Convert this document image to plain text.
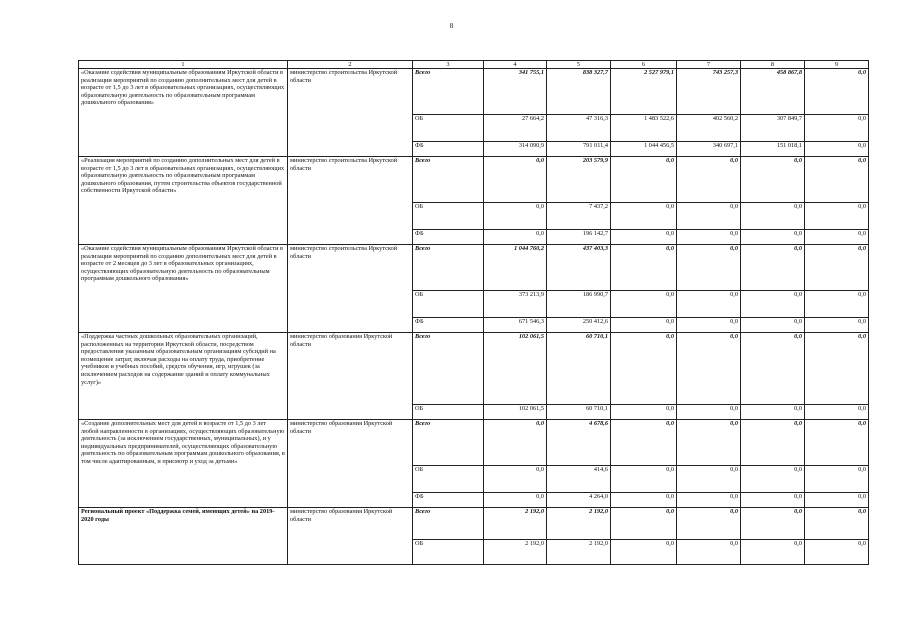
8
1	2	3	4	5	6	7	8	9
«Оказание содействия муниципальным образованиям Иркутской области в реализации мероприятий по созданию дополнительных мест для детей в возрасте от 1,5 до 3 лет в образовательных организациях, осуществляющих образовательную деятельность по образовательным программам дошкольного образования»	министерство строительства Иркутской области	Всего	341 755,1	838 327,7	2 527 979,1	743 257,3	458 867,8	0,0
		ОБ	27 664,2	47 316,3	1 483 522,6	402 560,2	307 849,7	0,0
		ФБ	314 090,9	791 011,4	1 044 456,5	340 697,1	151 018,1	0,0
«Реализация мероприятий по созданию дополнительных мест для детей в возрасте от 1,5 до 3 лет в образовательных организациях, осуществляющих образовательную деятельность по образовательным программам дошкольного образования, путем строительства объектов государственной собственности Иркутской области»	министерство строительства Иркутской области	Всего	0,0	203 579,9	0,0	0,0	0,0	0,0
		ОБ	0,0	7 437,2	0,0	0,0	0,0	0,0
		ФБ	0,0	196 142,7	0,0	0,0	0,0	0,0
«Оказание содействия муниципальным образованиям Иркутской области в реализации мероприятий по созданию дополнительных мест для детей в возрасте от 2 месяцев до 3 лет в образовательных организациях, осуществляющих образовательную деятельность по образовательным программам дошкольного образования»	министерство строительства Иркутской области	Всего	1 044 760,2	437 403,3	0,0	0,0	0,0	0,0
		ОБ	373 213,9	186 990,7	0,0	0,0	0,0	0,0
		ФБ	671 546,3	250 412,6	0,0	0,0	0,0	0,0
«Поддержка частных дошкольных образовательных организаций, расположенных на территории Иркутской области, посредством предоставления указанным образовательным организациям субсидий на возмещение затрат, включая расходы на оплату труда, приобретение учебников и учебных пособий, средств обучения, игр, игрушек (за исключением расходов на содержание зданий и оплату коммунальных услуг)»	министерство образования Иркутской области	Всего	102 061,5	60 710,1	0,0	0,0	0,0	0,0
		ОБ	102 061,5	60 710,1	0,0	0,0	0,0	0,0
«Создание дополнительных мест для детей в возрасте от 1,5 до 3 лет любой направленности в организациях, осуществляющих образовательную деятельность (за исключением государственных, муниципальных), и у индивидуальных предпринимателей, осуществляющих образовательную деятельность по образовательным программам дошкольного образования, в том числе адаптированным, и присмотр и уход за детьми»	министерство образования Иркутской области	Всего	0,0	4 678,6	0,0	0,0	0,0	0,0
		ОБ	0,0	414,6	0,0	0,0	0,0	0,0
		ФБ	0,0	4 264,0	0,0	0,0	0,0	0,0
Региональный проект «Поддержка семей, имеющих детей» на 2019-2020 годы	министерство образования Иркутской области	Всего	2 192,0	2 192,0	0,0	0,0	0,0	0,0
		ОБ	2 192,0	2 192,0	0,0	0,0	0,0	0,0
